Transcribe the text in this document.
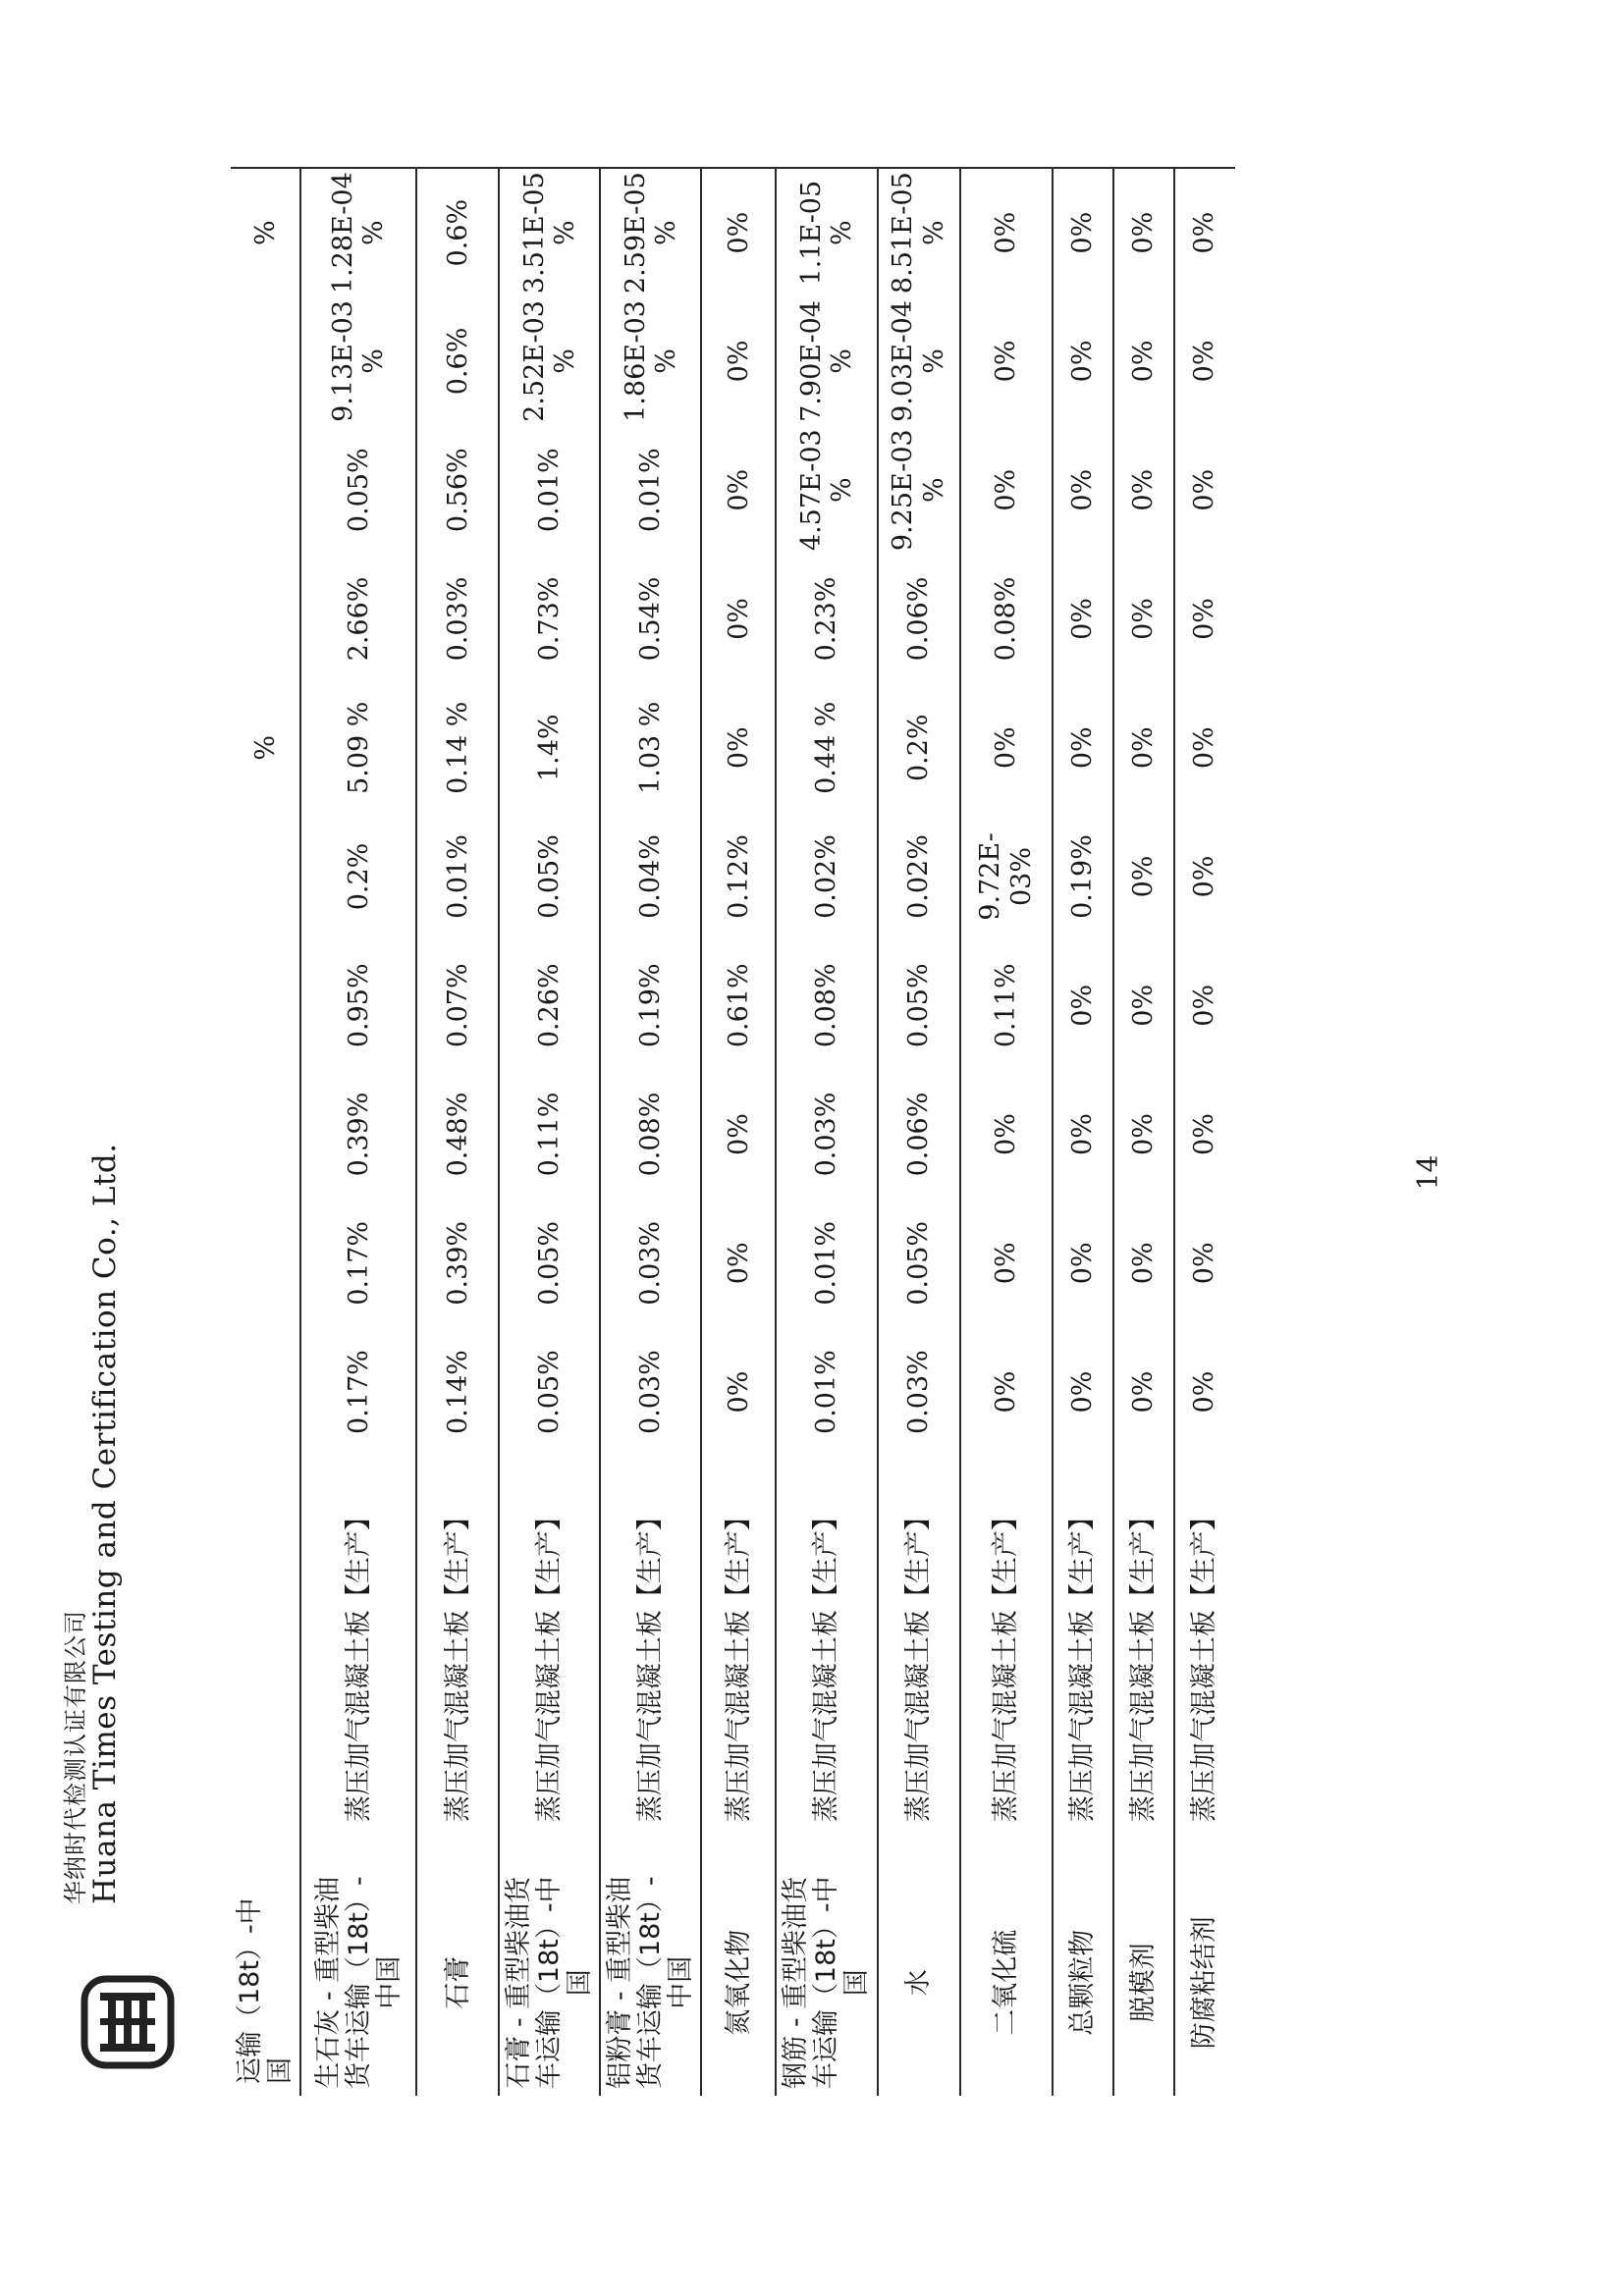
华纳时代检测认证有限公司
Huana Times Testing and Certification Co., Ltd.
运输（18t）-中国							%				%
生石灰 - 重型柴油货车运输（18t）-中国	蒸压加气混凝土板【生产】	0.17%	0.17%	0.39%	0.95%	0.2%	5.09 %	2.66%	0.05%	9.13E-03 %	1.28E-04 %
石膏	蒸压加气混凝土板【生产】	0.14%	0.39%	0.48%	0.07%	0.01%	0.14 %	0.03%	0.56%	0.6%	0.6%
石膏 - 重型柴油货车运输（18t）-中国	蒸压加气混凝土板【生产】	0.05%	0.05%	0.11%	0.26%	0.05%	1.4%	0.73%	0.01%	2.52E-03 %	3.51E-05 %
铝粉膏 - 重型柴油货车运输（18t）-中国	蒸压加气混凝土板【生产】	0.03%	0.03%	0.08%	0.19%	0.04%	1.03 %	0.54%	0.01%	1.86E-03 %	2.59E-05 %
氮氧化物	蒸压加气混凝土板【生产】	0%	0%	0%	0.61%	0.12%	0%	0%	0%	0%	0%
钢筋 - 重型柴油货车运输（18t）-中国	蒸压加气混凝土板【生产】	0.01%	0.01%	0.03%	0.08%	0.02%	0.44 %	0.23%	4.57E-03 %	7.90E-04 %	1.1E-05 %
水	蒸压加气混凝土板【生产】	0.03%	0.05%	0.06%	0.05%	0.02%	0.2%	0.06%	9.25E-03 %	9.03E-04 %	8.51E-05 %
二氧化硫	蒸压加气混凝土板【生产】	0%	0%	0%	0.11%	9.72E-03%	0%	0.08%	0%	0%	0%
总颗粒物	蒸压加气混凝土板【生产】	0%	0%	0%	0%	0.19%	0%	0%	0%	0%	0%
脱模剂	蒸压加气混凝土板【生产】	0%	0%	0%	0%	0%	0%	0%	0%	0%	0%
防腐粘结剂	蒸压加气混凝土板【生产】	0%	0%	0%	0%	0%	0%	0%	0%	0%	0%
14
